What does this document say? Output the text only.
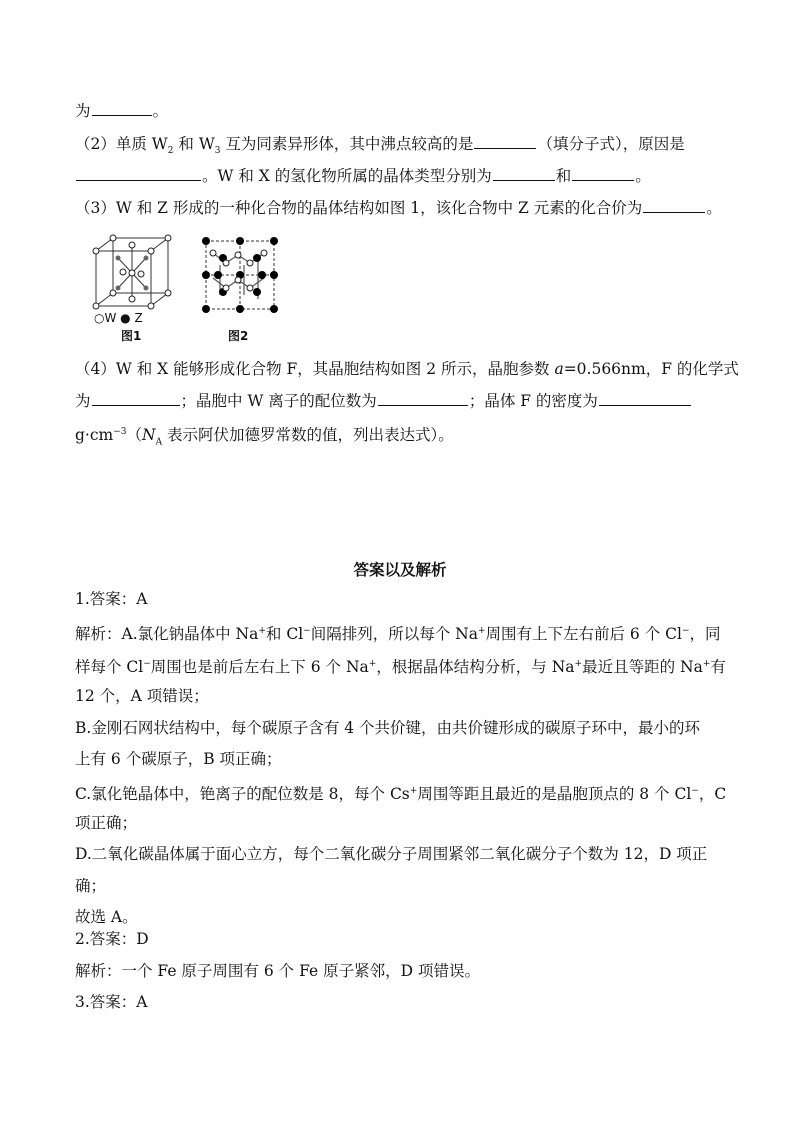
为	。
（2）单质 $W_2$ 和 $W_3$ 互为同素异形体，其中沸点较高的是	（填分子式），原因是
。W 和 X 的氢化物所属的晶体类型分别为	和	。
（3）W 和 Z 形成的一种化合物的晶体结构如图 1，该化合物中 Z 元素的化合价为	。
○W ● Z
图1	图2
（4）W 和 X 能够形成化合物 F，其晶胞结构如图 2 所示，晶胞参数 a=0.566nm，F 的化学式
为	；晶胞中 W 离子的配位数为	；晶体 F 的密度为
$g\cdot cm^{-3}(N_A$ 表示阿伏加德罗常数的值，列出表达式）。
答案以及解析
1.答案：A
解析：A.氯化钠晶体中 Na+和 Cl−间隔排列，所以每个 Na+周围有上下左右前后 6 个 Cl−，同
样每个 Cl−周围也是前后左右上下 6 个 Na+，根据晶体结构分析，与 Na+最近且等距的 Na+有
12 个，A 项错误；
B.金刚石网状结构中，每个碳原子含有 4 个共价键，由共价键形成的碳原子环中，最小的环
上有 6 个碳原子，B 项正确；
C.氯化铯晶体中，铯离子的配位数是 8，每个 Cs+周围等距且最近的是晶胞顶点的 8 个 Cl−，C
项正确；
D.二氧化碳晶体属于面心立方，每个二氧化碳分子周围紧邻二氧化碳分子个数为 12，D 项正
确；
故选 A。
2.答案：D
解析：一个 Fe 原子周围有 6 个 Fe 原子紧邻，D 项错误。
3.答案：A
